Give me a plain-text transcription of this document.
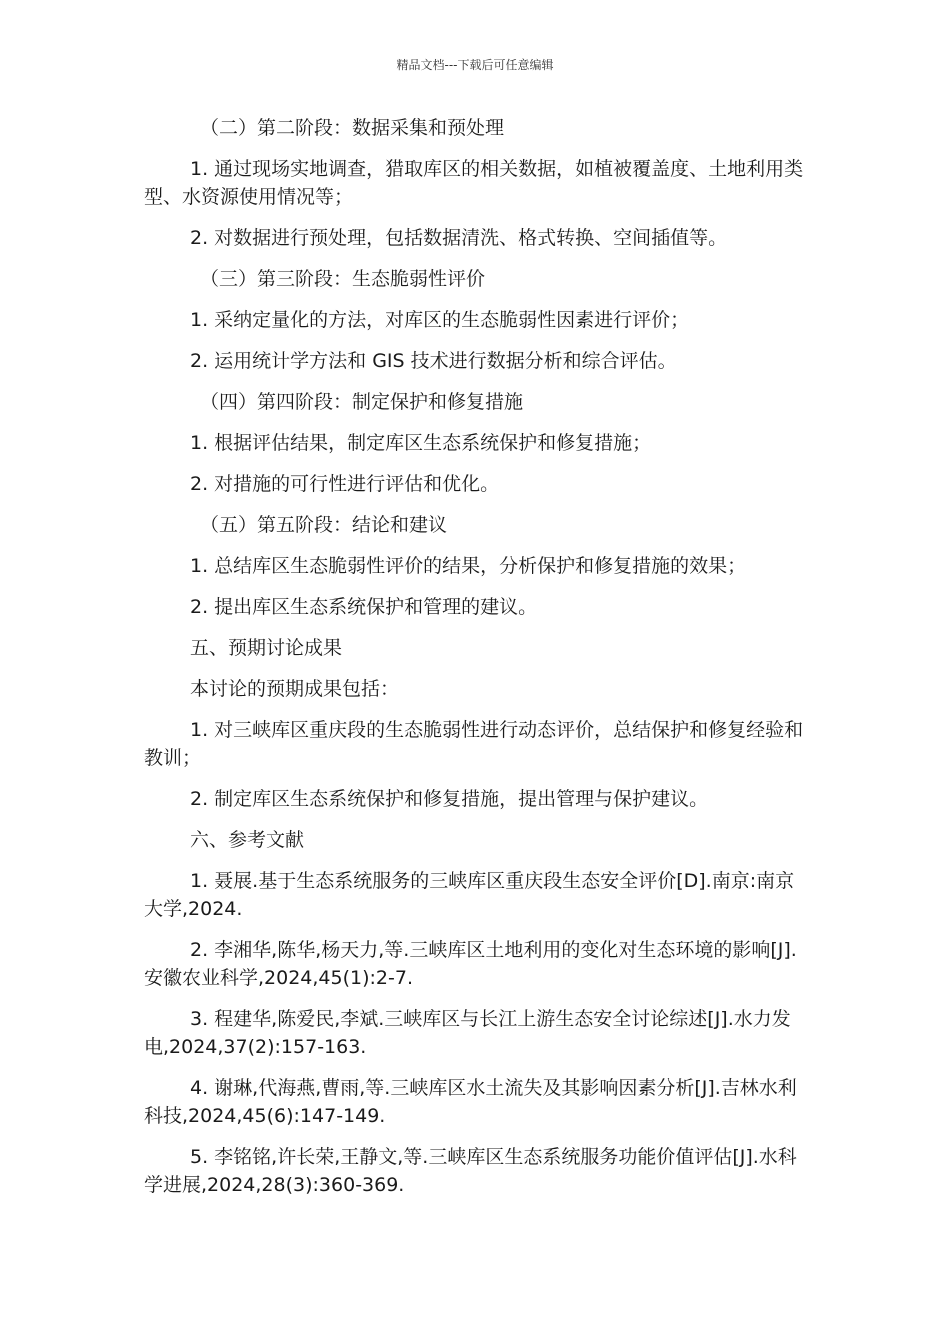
精品文档---下载后可任意编辑

（二）第二阶段：数据采集和预处理

1. 通过现场实地调查，猎取库区的相关数据，如植被覆盖度、土地利用类型、水资源使用情况等；

2. 对数据进行预处理，包括数据清洗、格式转换、空间插值等。

（三）第三阶段：生态脆弱性评价

1. 采纳定量化的方法，对库区的生态脆弱性因素进行评价；

2. 运用统计学方法和 GIS 技术进行数据分析和综合评估。

（四）第四阶段：制定保护和修复措施

1. 根据评估结果，制定库区生态系统保护和修复措施；

2. 对措施的可行性进行评估和优化。

（五）第五阶段：结论和建议

1. 总结库区生态脆弱性评价的结果，分析保护和修复措施的效果；

2. 提出库区生态系统保护和管理的建议。

五、预期讨论成果

本讨论的预期成果包括：

1. 对三峡库区重庆段的生态脆弱性进行动态评价，总结保护和修复经验和教训；

2. 制定库区生态系统保护和修复措施，提出管理与保护建议。

六、参考文献

1. 聂展.基于生态系统服务的三峡库区重庆段生态安全评价[D].南京:南京大学,2024.

2. 李湘华,陈华,杨天力,等.三峡库区土地利用的变化对生态环境的影响[J].安徽农业科学,2024,45(1):2-7.

3. 程建华,陈爱民,李斌.三峡库区与长江上游生态安全讨论综述[J].水力发电,2024,37(2):157-163.

4. 谢琳,代海燕,曹雨,等.三峡库区水土流失及其影响因素分析[J].吉林水利科技,2024,45(6):147-149.

5. 李铭铭,许长荣,王静文,等.三峡库区生态系统服务功能价值评估[J].水科学进展,2024,28(3):360-369.
